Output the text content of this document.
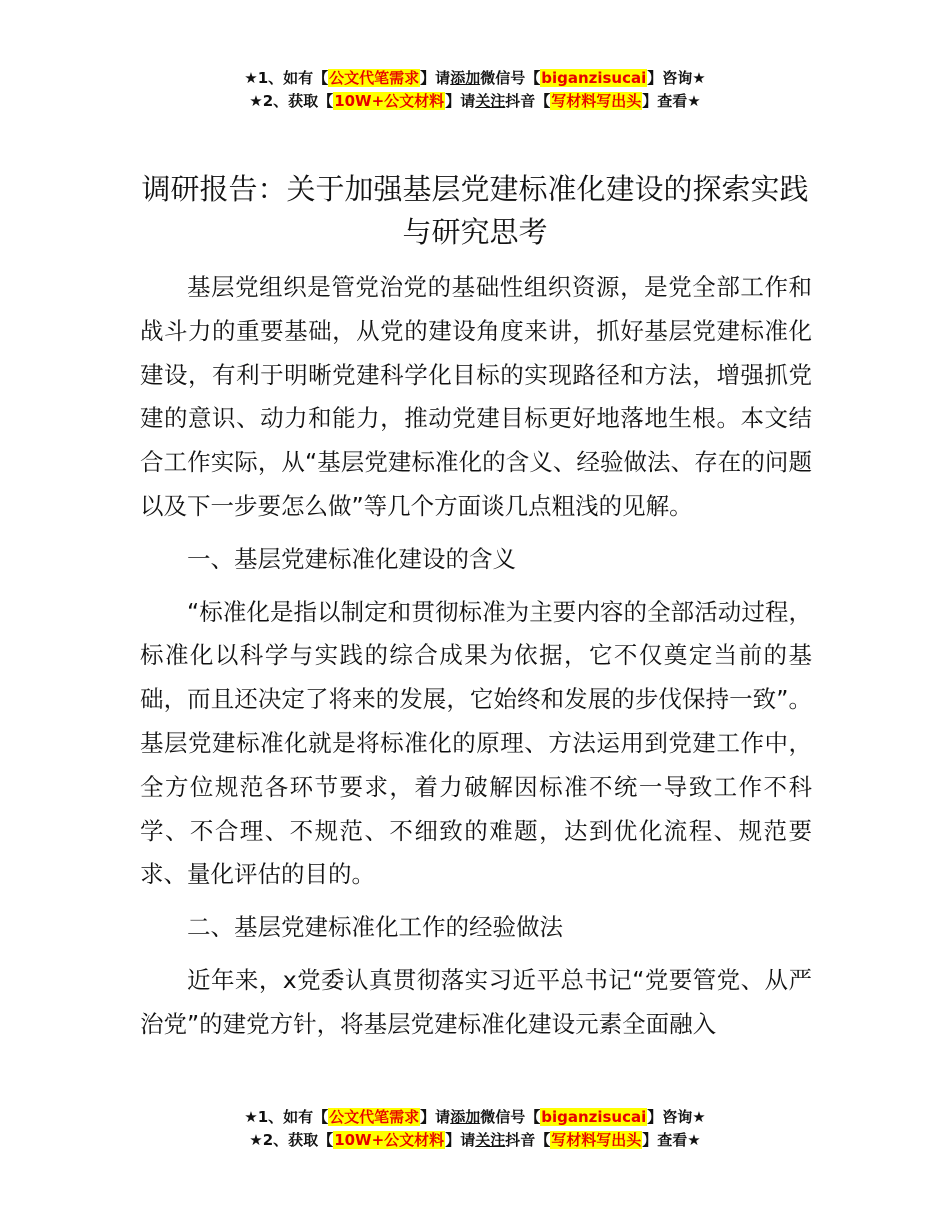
★1、如有【公文代笔需求】请添加微信号【biganzisucai】咨询★
★2、获取【10W+公文材料】请关注抖音【写材料写出头】查看★
调研报告：关于加强基层党建标准化建设的探索实践与研究思考

基层党组织是管党治党的基础性组织资源，是党全部工作和战斗力的重要基础，从党的建设角度来讲，抓好基层党建标准化建设，有利于明晰党建科学化目标的实现路径和方法，增强抓党建的意识、动力和能力，推动党建目标更好地落地生根。本文结合工作实际，从“基层党建标准化的含义、经验做法、存在的问题以及下一步要怎么做”等几个方面谈几点粗浅的见解。

一、基层党建标准化建设的含义

“标准化是指以制定和贯彻标准为主要内容的全部活动过程，标准化以科学与实践的综合成果为依据，它不仅奠定当前的基础，而且还决定了将来的发展，它始终和发展的步伐保持一致”。基层党建标准化就是将标准化的原理、方法运用到党建工作中，全方位规范各环节要求，着力破解因标准不统一导致工作不科学、不合理、不规范、不细致的难题，达到优化流程、规范要求、量化评估的目的。

二、基层党建标准化工作的经验做法

近年来，x党委认真贯彻落实习近平总书记“党要管党、从严治党”的建党方针，将基层党建标准化建设元素全面融入

★1、如有【公文代笔需求】请添加微信号【biganzisucai】咨询★
★2、获取【10W+公文材料】请关注抖音【写材料写出头】查看★
